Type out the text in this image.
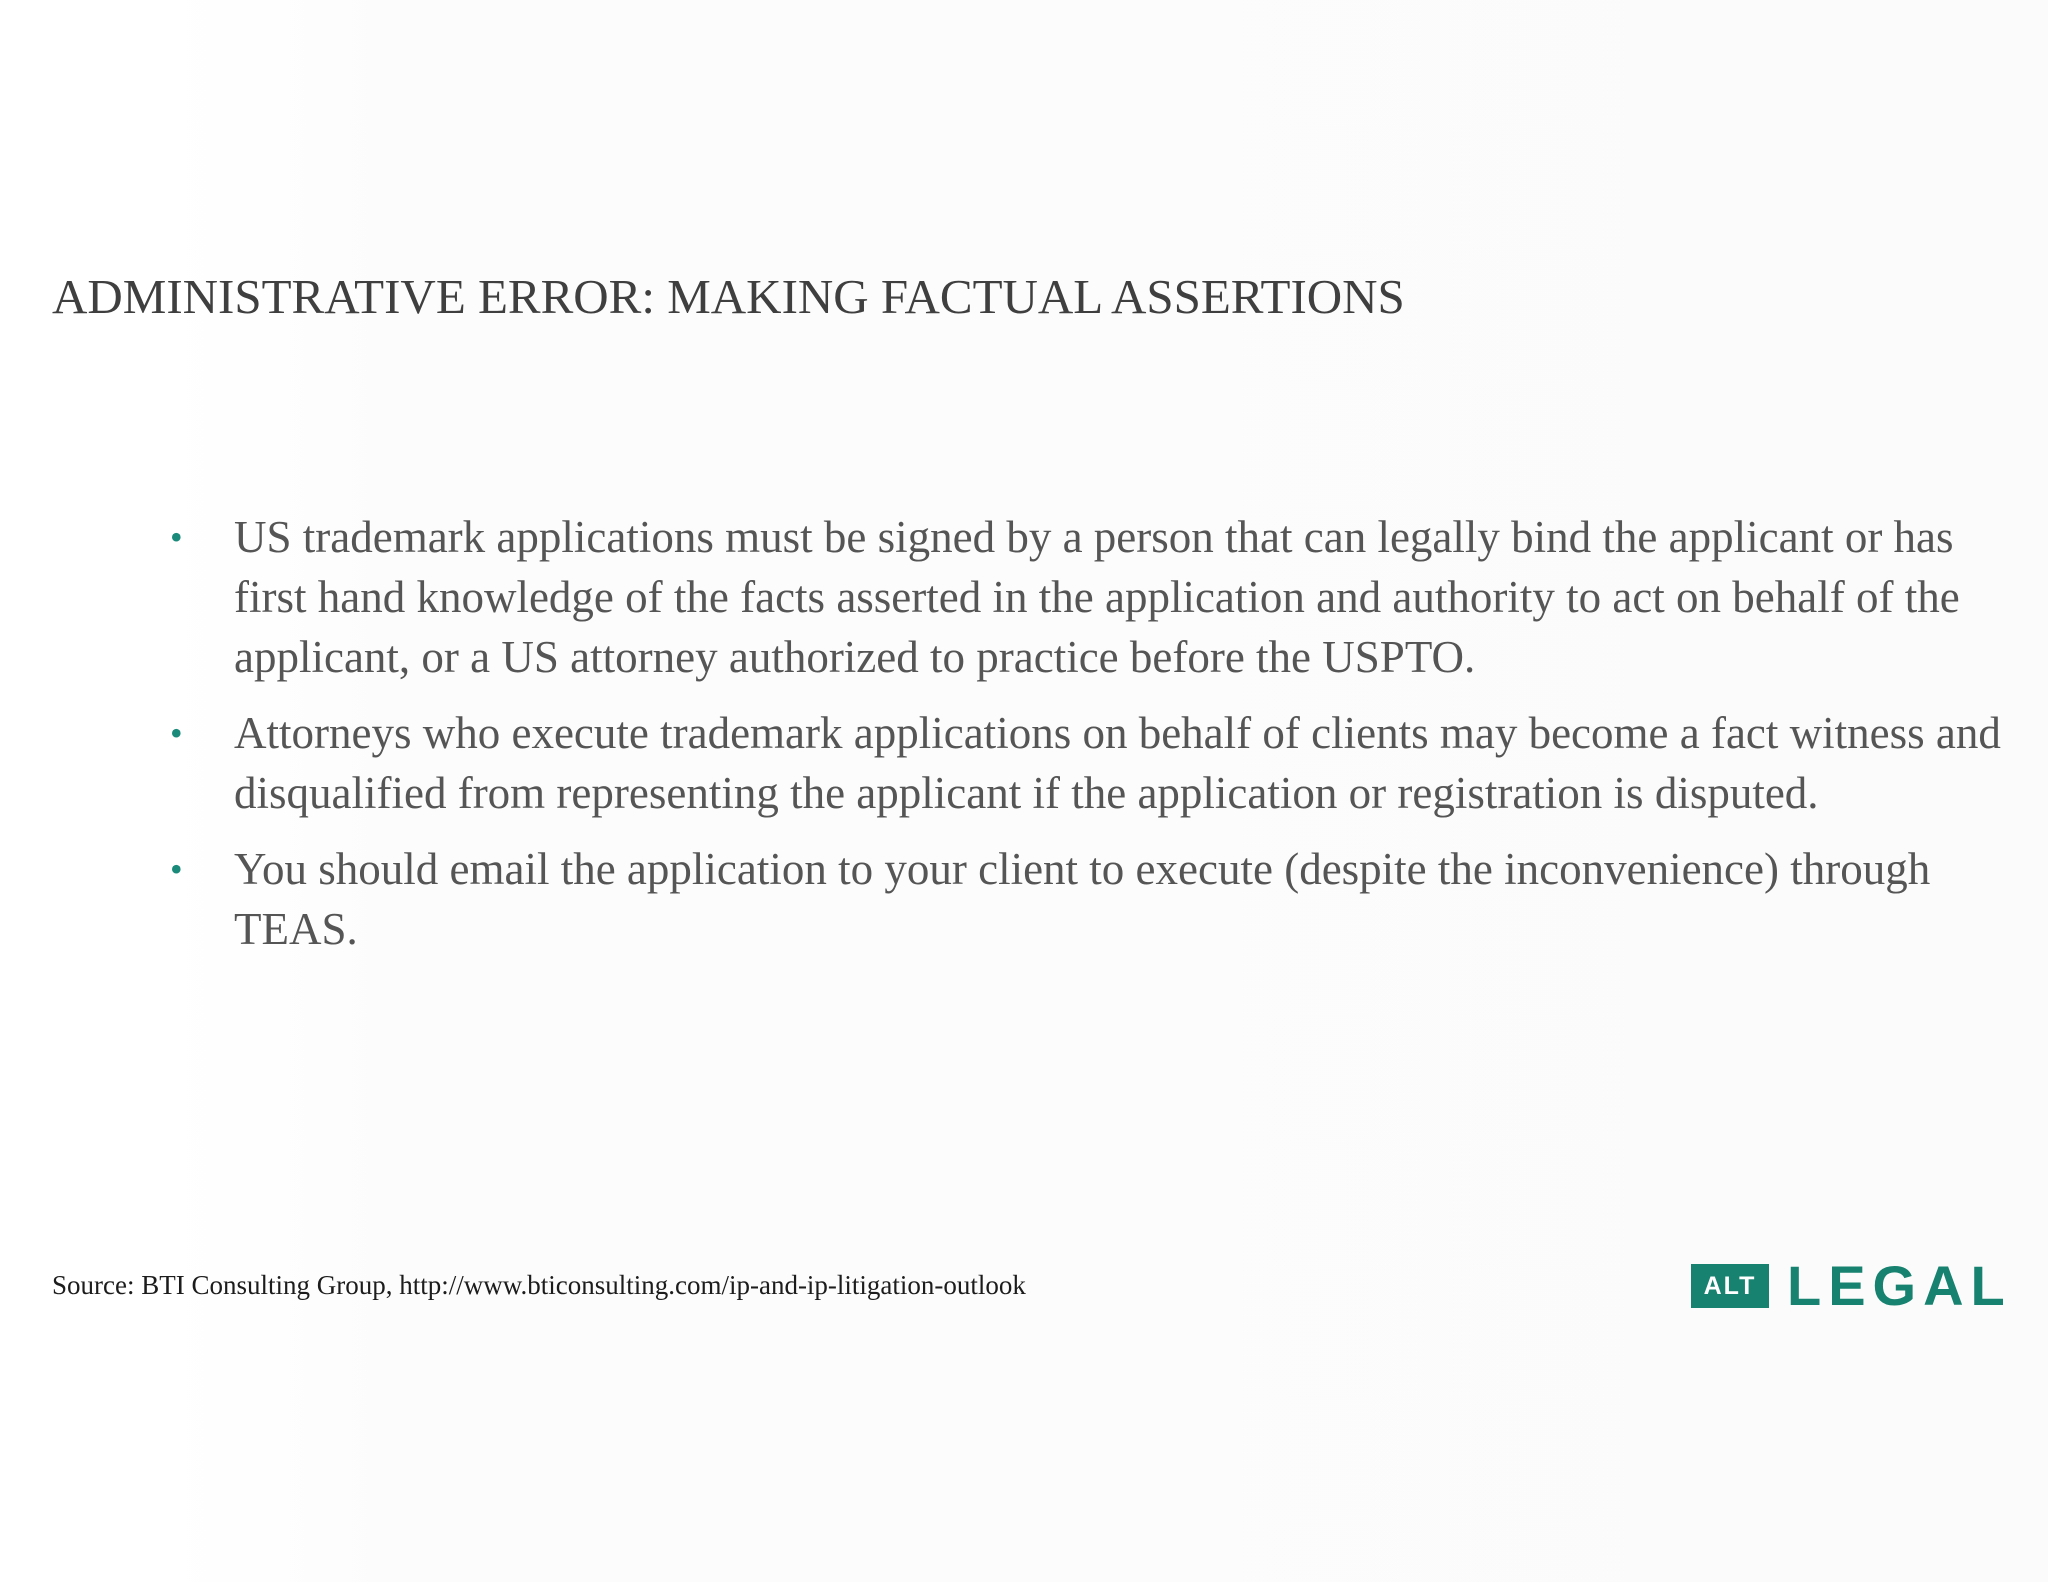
ADMINISTRATIVE ERROR: MAKING FACTUAL ASSERTIONS
• US trademark applications must be signed by a person that can legally bind the applicant or has first hand knowledge of the facts asserted in the application and authority to act on behalf of the applicant, or a US attorney authorized to practice before the USPTO.
• Attorneys who execute trademark applications on behalf of clients may become a fact witness and disqualified from representing the applicant if the application or registration is disputed.
• You should email the application to your client to execute (despite the inconvenience) through TEAS.
Source: BTI Consulting Group, http://www.bticonsulting.com/ip-and-ip-litigation-outlook	ALT LEGAL
